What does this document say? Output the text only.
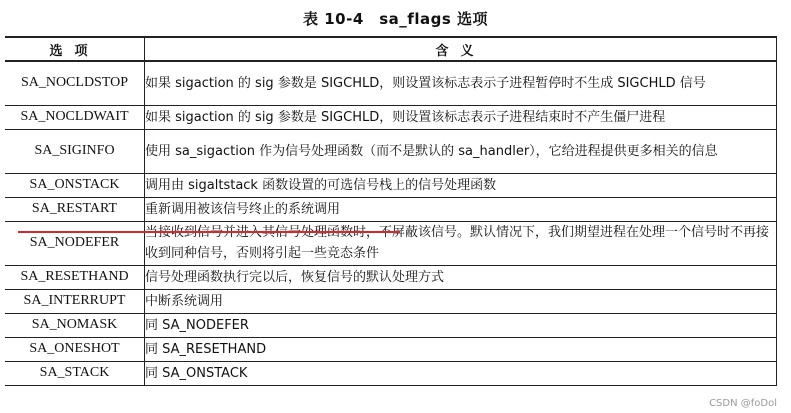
表 10-4　sa_flags 选项
选项	含义
SA_NOCLDSTOP	如果 sigaction 的 sig 参数是 SIGCHLD，则设置该标志表示子进程暂停时不生成 SIGCHLD 信号
SA_NOCLDWAIT	如果 sigaction 的 sig 参数是 SIGCHLD，则设置该标志表示子进程结束时不产生僵尸进程
SA_SIGINFO	使用 sa_sigaction 作为信号处理函数（而不是默认的 sa_handler），它给进程提供更多相关的信息
SA_ONSTACK	调用由 sigaltstack 函数设置的可选信号栈上的信号处理函数
SA_RESTART	重新调用被该信号终止的系统调用
SA_NODEFER	当接收到信号并进入其信号处理函数时，不屏蔽该信号。默认情况下，我们期望进程在处理一个信号时不再接收到同种信号，否则将引起一些竞态条件
SA_RESETHAND	信号处理函数执行完以后，恢复信号的默认处理方式
SA_INTERRUPT	中断系统调用
SA_NOMASK	同 SA_NODEFER
SA_ONESHOT	同 SA_RESETHAND
SA_STACK	同 SA_ONSTACK
CSDN @foDol
